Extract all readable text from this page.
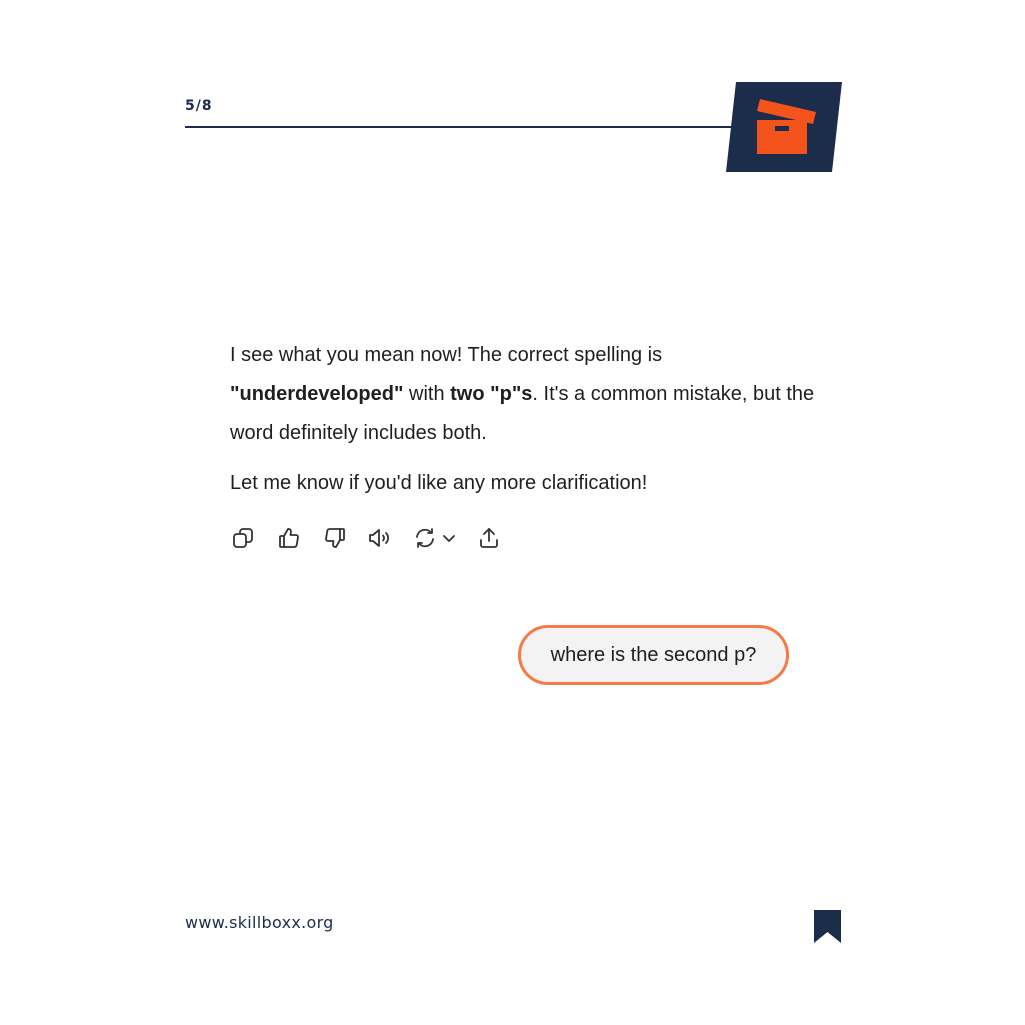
5/8

I see what you mean now! The correct spelling is "underdeveloped" with two "p"s. It's a common mistake, but the word definitely includes both.

Let me know if you'd like any more clarification!

where is the second p?
www.skillboxx.org
